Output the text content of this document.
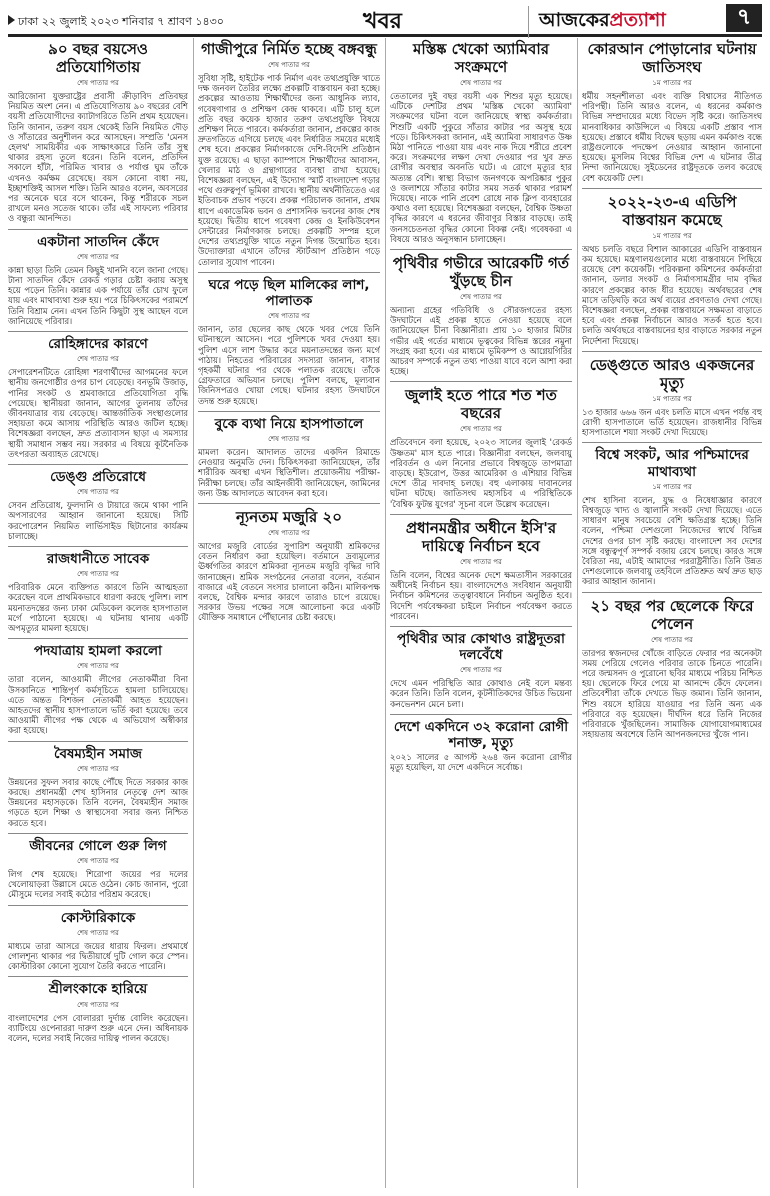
ঢাকা ২২ জুলাই ২০২৩ শনিবার ৭ শ্রাবণ ১৪৩০	খবর	আজকেরপ্রত্যাশা	৭
৯০ বছর বয়সেও প্রতিযোগিতায়
শেষ পাতার পর
আরিজোনা যুক্তরাষ্ট্রের প্রবাসী ক্রীড়াবিদ প্রতিবছর নিয়মিত অংশ নেন। এ প্রতিযোগিতায় ৯০ বছরের বেশি বয়সী প্রতিযোগীদের ক্যাটাগরিতে তিনি প্রথম হয়েছেন। তিনি জানান, তরুণ বয়স থেকেই তিনি নিয়মিত দৌড় ও সাঁতারের অনুশীলন করে আসছেন। সম্প্রতি 'মেনস হেলথ' সাময়িকীর এক সাক্ষাৎকারে তিনি তাঁর সুস্থ থাকার রহস্য তুলে ধরেন। তিনি বলেন, প্রতিদিন সকালে হাঁটা, পরিমিত খাবার ও পর্যাপ্ত ঘুম তাঁকে এখনও কর্মক্ষম রেখেছে। বয়স কোনো বাধা নয়, ইচ্ছাশক্তিই আসল শক্তি। তিনি আরও বলেন, অবসরের পর অনেকে ঘরে বসে থাকেন, কিন্তু শরীরকে সচল রাখলে মনও সতেজ থাকে। তাঁর এই সাফল্যে পরিবার ও বন্ধুরা আনন্দিত।
একটানা সাতদিন কেঁদে
শেষ পাতার পর
কান্না ছাড়া তিনি তেমন কিছুই খাননি বলে জানা গেছে। টানা সাতদিন কেঁদে রেকর্ড গড়ার চেষ্টা করায় অসুস্থ হয়ে পড়েন তিনি। কান্নার এক পর্যায়ে তাঁর চোখ ফুলে যায় এবং মাথাব্যথা শুরু হয়। পরে চিকিৎসকের পরামর্শে তিনি বিশ্রাম নেন। এখন তিনি কিছুটা সুস্থ আছেন বলে জানিয়েছে পরিবার।
রোহিঙ্গাদের কারণে
শেষ পাতার পর
সেপারেশনটিতে রোহিঙ্গা শরণার্থীদের আগমনের ফলে স্থানীয় জনগোষ্ঠীর ওপর চাপ বেড়েছে। বনভূমি উজাড়, পানির সংকট ও শ্রমবাজারে প্রতিযোগিতা বৃদ্ধি পেয়েছে। স্থানীয়রা জানান, আগের তুলনায় তাঁদের জীবনযাত্রার ব্যয় বেড়েছে। আন্তর্জাতিক সংস্থাগুলোর সহায়তা কমে আসায় পরিস্থিতি আরও জটিল হচ্ছে। বিশেষজ্ঞরা বলছেন, দ্রুত প্রত্যাবাসন ছাড়া এ সমস্যার স্থায়ী সমাধান সম্ভব নয়। সরকার এ বিষয়ে কূটনৈতিক তৎপরতা অব্যাহত রেখেছে।
ডেঙ্গু প্রতিরোধে
শেষ পাতার পর
সেবন প্রতিরোধ, ফুলদানি ও টায়ারে জমে থাকা পানি অপসারণের আহ্বান জানানো হয়েছে। সিটি করপোরেশন নিয়মিত লার্ভিসাইড ছিটানোর কার্যক্রম চালাচ্ছে।
রাজধানীতে সাবেক
শেষ পাতার পর
পরিবারিক মেনে ব্যক্তিগত কারণে তিনি আত্মহত্যা করেছেন বলে প্রাথমিকভাবে ধারণা করছে পুলিশ। লাশ ময়নাতদন্তের জন্য ঢাকা মেডিকেল কলেজ হাসপাতাল মর্গে পাঠানো হয়েছে। এ ঘটনায় থানায় একটি অপমৃত্যুর মামলা হয়েছে।
পদযাত্রায় হামলা করলো
শেষ পাতার পর
তারা বলেন, আওয়ামী লীগের নেতাকর্মীরা বিনা উসকানিতে শান্তিপূর্ণ কর্মসূচিতে হামলা চালিয়েছে। এতে অন্তত বিশজন নেতাকর্মী আহত হয়েছেন। আহতদের স্থানীয় হাসপাতালে ভর্তি করা হয়েছে। তবে আওয়ামী লীগের পক্ষ থেকে এ অভিযোগ অস্বীকার করা হয়েছে।
বৈষম্যহীন সমাজ
শেষ পাতার পর
উন্নয়নের সুফল সবার কাছে পৌঁছে দিতে সরকার কাজ করছে। প্রধানমন্ত্রী শেখ হাসিনার নেতৃত্বে দেশ আজ উন্নয়নের মহাসড়কে। তিনি বলেন, বৈষম্যহীন সমাজ গড়তে হলে শিক্ষা ও স্বাস্থ্যসেবা সবার জন্য নিশ্চিত করতে হবে।
জীবনের গোলে গুরু লিগ
শেষ পাতার পর
লিগ শেষ হয়েছে। শিরোপা জয়ের পর দলের খেলোয়াড়রা উল্লাসে মেতে ওঠেন। কোচ জানান, পুরো মৌসুমে দলের সবাই কঠোর পরিশ্রম করেছে।
কোস্টারিকাকে
শেষ পাতার পর
মাধ্যমে তারা আসরে জয়ের ধারায় ফিরল। প্রথমার্ধে গোলশূন্য থাকার পর দ্বিতীয়ার্ধে দুটি গোল করে স্পেন। কোস্টারিকা কোনো সুযোগ তৈরি করতে পারেনি।
শ্রীলংকাকে হারিয়ে
শেষ পাতার পর
বাংলাদেশের পেস বোলাররা দুর্দান্ত বোলিং করেছেন। ব্যাটিংয়ে ওপেনাররা দারুণ শুরু এনে দেন। অধিনায়ক বলেন, দলের সবাই নিজের দায়িত্ব পালন করেছে।
গাজীপুরে নির্মিত হচ্ছে বঙ্গবন্ধু
শেষ পাতার পর
সুবিধা সৃষ্টি, হাইটেক পার্ক নির্মাণ এবং তথ্যপ্রযুক্তি খাতে দক্ষ জনবল তৈরির লক্ষ্যে প্রকল্পটি বাস্তবায়ন করা হচ্ছে। প্রকল্পের আওতায় শিক্ষার্থীদের জন্য আধুনিক ল্যাব, গবেষণাগার ও প্রশিক্ষণ কেন্দ্র থাকবে। এটি চালু হলে প্রতি বছর কয়েক হাজার তরুণ তথ্যপ্রযুক্তি বিষয়ে প্রশিক্ষণ নিতে পারবে। কর্মকর্তারা জানান, প্রকল্পের কাজ দ্রুতগতিতে এগিয়ে চলছে এবং নির্ধারিত সময়ের মধ্যেই শেষ হবে। প্রকল্পের নির্মাণকাজে দেশি-বিদেশি প্রতিষ্ঠান যুক্ত রয়েছে। এ ছাড়া ক্যাম্পাসে শিক্ষার্থীদের আবাসন, খেলার মাঠ ও গ্রন্থাগারের ব্যবস্থা রাখা হয়েছে। বিশেষজ্ঞরা বলছেন, এই উদ্যোগ স্মার্ট বাংলাদেশ গড়ার পথে গুরুত্বপূর্ণ ভূমিকা রাখবে। স্থানীয় অর্থনীতিতেও এর ইতিবাচক প্রভাব পড়বে। প্রকল্প পরিচালক জানান, প্রথম ধাপে একাডেমিক ভবন ও প্রশাসনিক ভবনের কাজ শেষ হয়েছে। দ্বিতীয় ধাপে গবেষণা কেন্দ্র ও ইনকিউবেশন সেন্টারের নির্মাণকাজ চলছে। প্রকল্পটি সম্পন্ন হলে দেশের তথ্যপ্রযুক্তি খাতে নতুন দিগন্ত উন্মোচিত হবে। উদ্যোক্তারা এখানে তাঁদের স্টার্টআপ প্রতিষ্ঠান গড়ে তোলার সুযোগ পাবেন।
ঘরে পড়ে ছিল মালিকের লাশ, পালাতক
শেষ পাতার পর
জানান, তার ছেলের কাছ থেকে খবর পেয়ে তিনি ঘটনাস্থলে আসেন। পরে পুলিশকে খবর দেওয়া হয়। পুলিশ এসে লাশ উদ্ধার করে ময়নাতদন্তের জন্য মর্গে পাঠায়। নিহতের পরিবারের সদস্যরা জানান, বাসার গৃহকর্মী ঘটনার পর থেকে পলাতক রয়েছে। তাঁকে গ্রেফতারে অভিযান চলছে। পুলিশ বলছে, মূল্যবান জিনিসপত্রও খোয়া গেছে। ঘটনার রহস্য উদঘাটনে তদন্ত শুরু হয়েছে।
বুকে ব্যথা নিয়ে হাসপাতালে
শেষ পাতার পর
মামলা করেন। আদালত তাদের একদিন রিমান্ডে নেওয়ার অনুমতি দেন। চিকিৎসকরা জানিয়েছেন, তাঁর শারীরিক অবস্থা এখন স্থিতিশীল। প্রয়োজনীয় পরীক্ষা-নিরীক্ষা চলছে। তাঁর আইনজীবী জানিয়েছেন, জামিনের জন্য উচ্চ আদালতে আবেদন করা হবে।
ন্যূনতম মজুরি ২০
শেষ পাতার পর
আগের মজুরি বোর্ডের সুপারিশ অনুযায়ী শ্রমিকদের বেতন নির্ধারণ করা হয়েছিল। বর্তমানে দ্রব্যমূল্যের ঊর্ধ্বগতির কারণে শ্রমিকরা ন্যূনতম মজুরি বৃদ্ধির দাবি জানাচ্ছেন। শ্রমিক সংগঠনের নেতারা বলেন, বর্তমান বাজারে এই বেতনে সংসার চালানো কঠিন। মালিকপক্ষ বলছে, বৈশ্বিক মন্দার কারণে তারাও চাপে রয়েছে। সরকার উভয় পক্ষের সঙ্গে আলোচনা করে একটি যৌক্তিক সমাধানে পৌঁছানোর চেষ্টা করছে।
মস্তিষ্ক খেকো অ্যামিবার সংক্রমণে
শেষ পাতার পর
তেতালের দুই বছর বয়সী এক শিশুর মৃত্যু হয়েছে। এটিকে দেশটির প্রথম 'মস্তিষ্ক খেকো অ্যামিবা' সংক্রমণের ঘটনা বলে জানিয়েছে স্বাস্থ্য কর্মকর্তারা। শিশুটি একটি পুকুরে সাঁতার কাটার পর অসুস্থ হয়ে পড়ে। চিকিৎসকরা জানান, এই অ্যামিবা সাধারণত উষ্ণ মিঠা পানিতে পাওয়া যায় এবং নাক দিয়ে শরীরে প্রবেশ করে। সংক্রমণের লক্ষণ দেখা দেওয়ার পর খুব দ্রুত রোগীর অবস্থার অবনতি ঘটে। এ রোগে মৃত্যুর হার অত্যন্ত বেশি। স্বাস্থ্য বিভাগ জনগণকে অপরিষ্কার পুকুর ও জলাশয়ে সাঁতার কাটার সময় সতর্ক থাকার পরামর্শ দিয়েছে। নাকে পানি প্রবেশ রোধে নাক ক্লিপ ব্যবহারের কথাও বলা হয়েছে। বিশেষজ্ঞরা বলছেন, বৈশ্বিক উষ্ণতা বৃদ্ধির কারণে এ ধরনের জীবাণুর বিস্তার বাড়ছে। তাই জনসচেতনতা বৃদ্ধির কোনো বিকল্প নেই। গবেষকরা এ বিষয়ে আরও অনুসন্ধান চালাচ্ছেন।
পৃথিবীর গভীরে আরেকটি গর্ত খুঁড়ছে চীন
শেষ পাতার পর
অন্যান্য গ্রহের গতিবিধি ও সৌরজগতের রহস্য উদঘাটনে এই প্রকল্প হাতে নেওয়া হয়েছে বলে জানিয়েছেন চীনা বিজ্ঞানীরা। প্রায় ১০ হাজার মিটার গভীর এই গর্তের মাধ্যমে ভূত্বকের বিভিন্ন স্তরের নমুনা সংগ্রহ করা হবে। এর মাধ্যমে ভূমিকম্প ও আগ্নেয়গিরির আচরণ সম্পর্কে নতুন তথ্য পাওয়া যাবে বলে আশা করা হচ্ছে।
জুলাই হতে পারে শত শত বছরের
শেষ পাতার পর
প্রতিবেদনে বলা হয়েছে, ২০২৩ সালের জুলাই 'রেকর্ড উষ্ণতম' মাস হতে পারে। বিজ্ঞানীরা বলছেন, জলবায়ু পরিবর্তন ও এল নিনোর প্রভাবে বিশ্বজুড়ে তাপমাত্রা বাড়ছে। ইউরোপ, উত্তর আমেরিকা ও এশিয়ার বিভিন্ন দেশে তীব্র দাবদাহ চলছে। বহু এলাকায় দাবানলের ঘটনা ঘটছে। জাতিসংঘ মহাসচিব এ পরিস্থিতিকে 'বৈশ্বিক ফুটন্ত যুগের' সূচনা বলে উল্লেখ করেছেন।
প্রধানমন্ত্রীর অধীনে ইসি'র দায়িত্বে নির্বাচন হবে
শেষ পাতার পর
তিনি বলেন, বিশ্বের অনেক দেশে ক্ষমতাসীন সরকারের অধীনেই নির্বাচন হয়। বাংলাদেশেও সংবিধান অনুযায়ী নির্বাচন কমিশনের তত্ত্বাবধানে নির্বাচন অনুষ্ঠিত হবে। বিদেশি পর্যবেক্ষকরা চাইলে নির্বাচন পর্যবেক্ষণ করতে পারবেন।
পৃথিবীর আর কোথাও রাষ্ট্রদূতরা দলবেঁধে
শেষ পাতার পর
দেখে এমন পরিস্থিতি আর কোথাও নেই বলে মন্তব্য করেন তিনি। তিনি বলেন, কূটনীতিকদের উচিত ভিয়েনা কনভেনশন মেনে চলা।
দেশে একদিনে ৩২ করোনা রোগী শনাক্ত, মৃত্যু
২০২১ সালের ৫ আগস্ট ২৬৪ জন করোনা রোগীর মৃত্যু হয়েছিল, যা দেশে একদিনে সর্বোচ্চ।
কোরআন পোড়ানোর ঘটনায় জাতিসংঘ
১ম পাতার পর
ধর্মীয় সহনশীলতা এবং ব্যক্তি বিশ্বাসের নীতিগত পরিপন্থী। তিনি আরও বলেন, এ ধরনের কর্মকাণ্ড বিভিন্ন সম্প্রদায়ের মধ্যে বিভেদ সৃষ্টি করে। জাতিসংঘ মানবাধিকার কাউন্সিলে এ বিষয়ে একটি প্রস্তাব পাস হয়েছে। প্রস্তাবে ধর্মীয় বিদ্বেষ ছড়ায় এমন কর্মকাণ্ড বন্ধে রাষ্ট্রগুলোকে পদক্ষেপ নেওয়ার আহ্বান জানানো হয়েছে। মুসলিম বিশ্বের বিভিন্ন দেশ এ ঘটনার তীব্র নিন্দা জানিয়েছে। সুইডেনের রাষ্ট্রদূতকে তলব করেছে বেশ কয়েকটি দেশ।
২০২২-২৩-এ এডিপি বাস্তবায়ন কমেছে
১ম পাতার পর
অথচ চলতি বছরে বিশাল আকারের এডিপি বাস্তবায়ন কম হয়েছে। মন্ত্রণালয়গুলোর মধ্যে বাস্তবায়নে পিছিয়ে রয়েছে বেশ কয়েকটি। পরিকল্পনা কমিশনের কর্মকর্তারা জানান, ডলার সংকট ও নির্মাণসামগ্রীর দাম বৃদ্ধির কারণে প্রকল্পের কাজ ধীর হয়েছে। অর্থবছরের শেষ মাসে তড়িঘড়ি করে অর্থ ব্যয়ের প্রবণতাও দেখা গেছে। বিশেষজ্ঞরা বলছেন, প্রকল্প বাস্তবায়নে সক্ষমতা বাড়াতে হবে এবং প্রকল্প নির্বাচনে আরও সতর্ক হতে হবে। চলতি অর্থবছরে বাস্তবায়নের হার বাড়াতে সরকার নতুন নির্দেশনা দিয়েছে।
ডেঙ্গুতে আরও একজনের মৃত্যু
১ম পাতার পর
১৩ হাজার ৬৬৬ জন এবং চলতি মাসে এখন পর্যন্ত বহু রোগী হাসপাতালে ভর্তি হয়েছেন। রাজধানীর বিভিন্ন হাসপাতালে শয্যা সংকট দেখা দিয়েছে।
বিশ্বে সংকট, আর পশ্চিমাদের মাথাব্যথা
১ম পাতার পর
শেখ হাসিনা বলেন, যুদ্ধ ও নিষেধাজ্ঞার কারণে বিশ্বজুড়ে খাদ্য ও জ্বালানি সংকট দেখা দিয়েছে। এতে সাধারণ মানুষ সবচেয়ে বেশি ক্ষতিগ্রস্ত হচ্ছে। তিনি বলেন, পশ্চিমা দেশগুলো নিজেদের স্বার্থে বিভিন্ন দেশের ওপর চাপ সৃষ্টি করছে। বাংলাদেশ সব দেশের সঙ্গে বন্ধুত্বপূর্ণ সম্পর্ক বজায় রেখে চলছে। কারও সঙ্গে বৈরিতা নয়, এটাই আমাদের পররাষ্ট্রনীতি। তিনি উন্নত দেশগুলোকে জলবায়ু তহবিলে প্রতিশ্রুত অর্থ দ্রুত ছাড় করার আহ্বান জানান।
২১ বছর পর ছেলেকে ফিরে পেলেন
শেষ পাতার পর
তারপর স্বজনদের খোঁজে বাড়িতে ফেরার পর অনেকটা সময় পেরিয়ে গেলেও পরিবার তাকে চিনতে পারেনি। পরে জন্মসনদ ও পুরোনো ছবির মাধ্যমে পরিচয় নিশ্চিত হয়। ছেলেকে ফিরে পেয়ে মা আনন্দে কেঁদে ফেলেন। প্রতিবেশীরা তাঁকে দেখতে ভিড় জমান। তিনি জানান, শিশু বয়সে হারিয়ে যাওয়ার পর তিনি অন্য এক পরিবারে বড় হয়েছেন। দীর্ঘদিন ধরে তিনি নিজের পরিবারকে খুঁজছিলেন। সামাজিক যোগাযোগমাধ্যমের সহায়তায় অবশেষে তিনি আপনজনদের খুঁজে পান।
